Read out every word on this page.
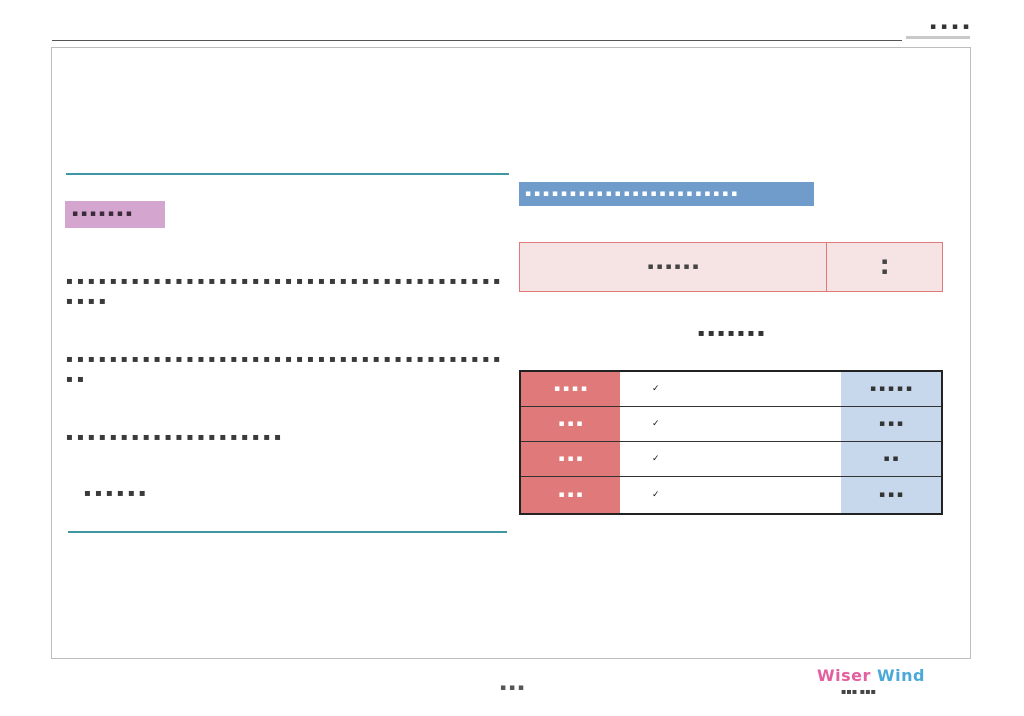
▪ ▪ ▪ ▪
▪ ▪ ▪ ▪ ▪ ▪ ▪
▪ ▪ ▪ ▪ ▪ ▪ ▪ ▪ ▪ ▪ ▪ ▪ ▪ ▪ ▪ ▪ ▪ ▪ ▪ ▪ ▪ ▪ ▪ ▪ ▪ ▪ ▪ ▪ ▪ ▪ ▪ ▪ ▪ ▪ ▪ ▪ ▪ ▪ ▪ ▪ ▪ ▪ ▪ ▪
▪ ▪ ▪ ▪ ▪ ▪ ▪ ▪ ▪ ▪ ▪ ▪ ▪ ▪ ▪ ▪ ▪ ▪ ▪ ▪ ▪ ▪ ▪ ▪ ▪ ▪ ▪ ▪ ▪ ▪ ▪ ▪ ▪ ▪ ▪ ▪ ▪ ▪ ▪ ▪ ▪ ▪
▪ ▪ ▪ ▪ ▪ ▪ ▪ ▪ ▪ ▪ ▪ ▪ ▪ ▪ ▪ ▪ ▪ ▪ ▪ ▪
▪ ▪ ▪ ▪ ▪ ▪
▪ ▪ ▪ ▪ ▪ ▪ ▪ ▪ ▪ ▪ ▪ ▪ ▪ ▪ ▪ ▪ ▪ ▪ ▪ ▪ ▪ ▪ ▪ ▪
▪ ▪ ▪ ▪ ▪ ▪	▪
▪
▪ ▪ ▪ ▪ ▪ ▪ ▪
▪ ▪ ▪ ▪	✓	▪ ▪ ▪ ▪ ▪
▪ ▪ ▪	✓	▪ ▪ ▪
▪ ▪ ▪	✓	▪ ▪
▪ ▪ ▪	✓	▪ ▪ ▪
▪ ▪ ▪
Wiser Wind
▪▪▪ ▪▪▪
